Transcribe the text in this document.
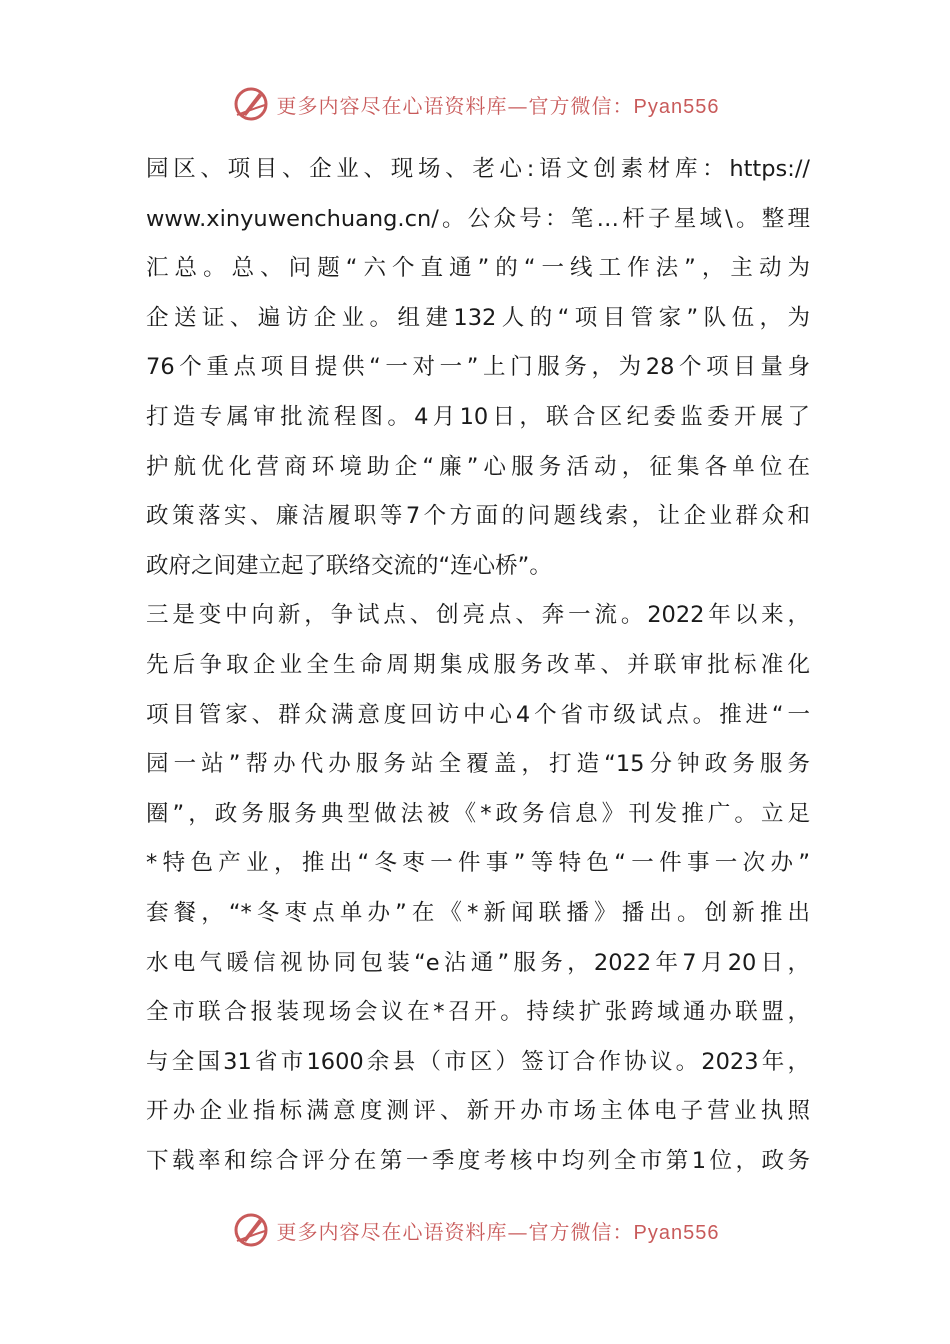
更多内容尽在心语资料库—官方微信：Pyan556
园区、项目、企业、现场、老心:语文创素材库：https://
www.xinyuwenchuang.cn/。公众号：笔…杆子星域\。整理
汇总。总、问题“六个直通”的“一线工作法”，主动为
企送证、遍访企业。组建132人的“项目管家”队伍，为
76个重点项目提供“一对一”上门服务，为28个项目量身
打造专属审批流程图。4月10日，联合区纪委监委开展了
护航优化营商环境助企“廉”心服务活动，征集各单位在
政策落实、廉洁履职等7个方面的问题线索，让企业群众和
政府之间建立起了联络交流的“连心桥”。
三是变中向新，争试点、创亮点、奔一流。2022年以来，
先后争取企业全生命周期集成服务改革、并联审批标准化
项目管家、群众满意度回访中心4个省市级试点。推进“一
园一站”帮办代办服务站全覆盖，打造“15分钟政务服务
圈”，政务服务典型做法被《*政务信息》刊发推广。立足
*特色产业，推出“冬枣一件事”等特色“一件事一次办”
套餐，“*冬枣点单办”在《*新闻联播》播出。创新推出
水电气暖信视协同包装“e沾通”服务，2022年7月20日，
全市联合报装现场会议在*召开。持续扩张跨域通办联盟，
与全国31省市1600余县（市区）签订合作协议。2023年，
开办企业指标满意度测评、新开办市场主体电子营业执照
下载率和综合评分在第一季度考核中均列全市第1位，政务
更多内容尽在心语资料库—官方微信：Pyan556
